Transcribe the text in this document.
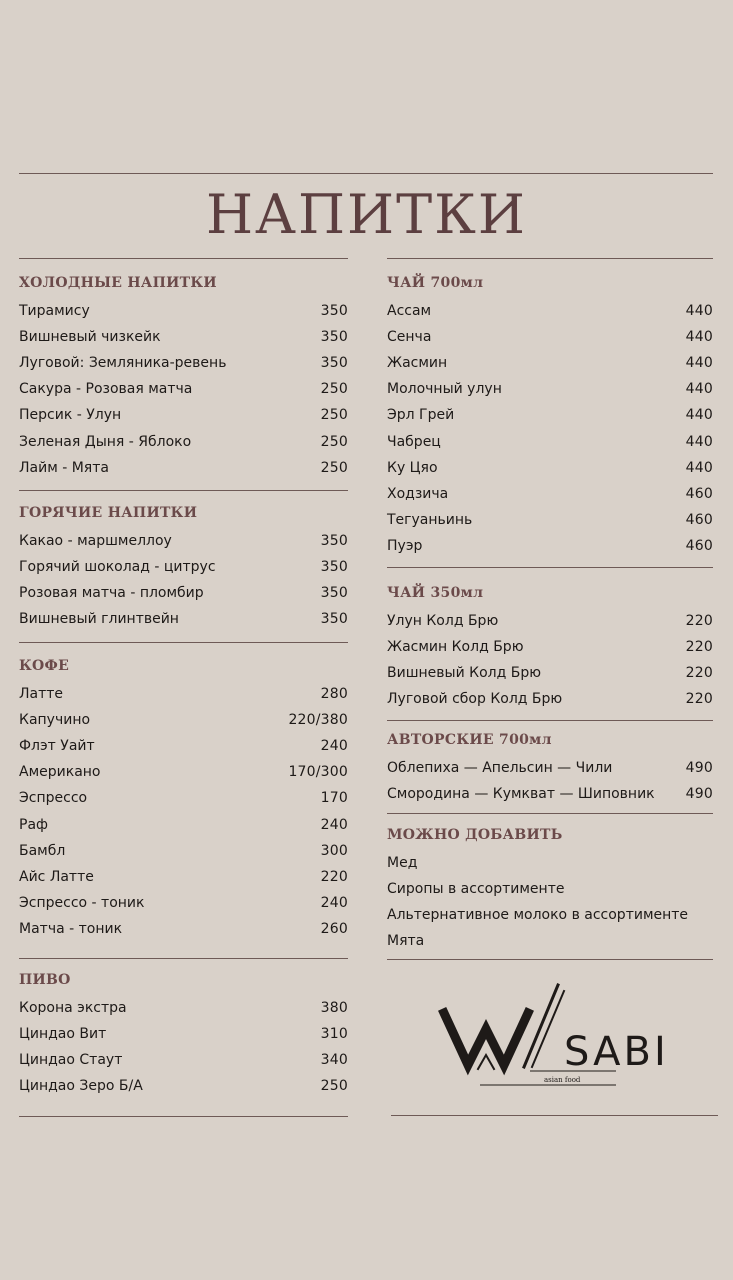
НАПИТКИ
ХОЛОДНЫЕ НАПИТКИ
Тирамису	350
Вишневый чизкейк	350
Луговой: Земляника-ревень	350
Сакура - Розовая матча	250
Персик - Улун	250
Зеленая Дыня - Яблоко	250
Лайм - Мята	250
ГОРЯЧИЕ НАПИТКИ
Какао - маршмеллоу	350
Горячий шоколад - цитрус	350
Розовая матча - пломбир	350
Вишневый глинтвейн	350
КОФЕ
Латте	280
Капучино	220/380
Флэт Уайт	240
Американо	170/300
Эспрессо	170
Раф	240
Бамбл	300
Айс Латте	220
Эспрессо - тоник	240
Матча - тоник	260
ПИВО
Корона экстра	380
Циндао Вит	310
Циндао Стаут	340
Циндао Зеро Б/А	250
ЧАЙ 700мл
Ассам	440
Сенча	440
Жасмин	440
Молочный улун	440
Эрл Грей	440
Чабрец	440
Ку Цяо	440
Ходзича	460
Тегуаньинь	460
Пуэр	460
ЧАЙ 350мл
Улун Колд Брю	220
Жасмин Колд Брю	220
Вишневый Колд Брю	220
Луговой сбор Колд Брю	220
АВТОРСКИЕ 700мл
Облепиха — Апельсин — Чили	490
Смородина — Кумкват — Шиповник 490
МОЖНО ДОБАВИТЬ
Мед
Сиропы в ассортименте
Альтернативное молоко в ассортименте
Мята
SABI
asian food
